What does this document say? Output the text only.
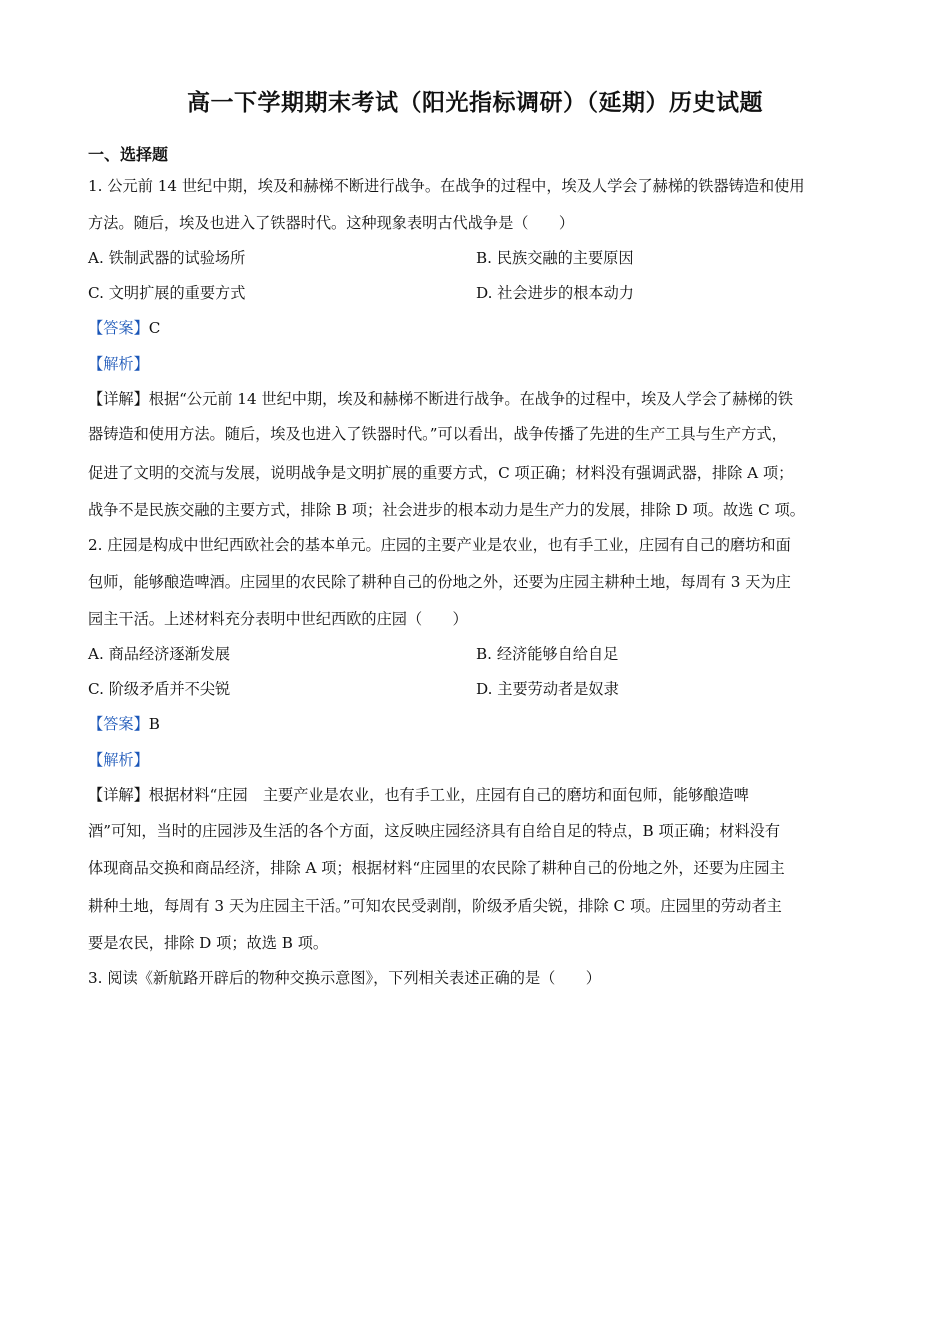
高一下学期期末考试（阳光指标调研）（延期）历史试题
一、选择题
1. 公元前 14 世纪中期，埃及和赫梯不断进行战争。在战争的过程中，埃及人学会了赫梯的铁器铸造和使用
方法。随后，埃及也进入了铁器时代。这种现象表明古代战争是（　　）
A. 铁制武器的试验场所	B. 民族交融的主要原因
C. 文明扩展的重要方式	D. 社会进步的根本动力
【答案】C
【解析】
【详解】根据“公元前 14 世纪中期，埃及和赫梯不断进行战争。在战争的过程中，埃及人学会了赫梯的铁
器铸造和使用方法。随后，埃及也进入了铁器时代。”可以看出，战争传播了先进的生产工具与生产方式，
促进了文明的交流与发展，说明战争是文明扩展的重要方式，C 项正确；材料没有强调武器，排除 A 项；
战争不是民族交融的主要方式，排除 B 项；社会进步的根本动力是生产力的发展，排除 D 项。故选 C 项。
2. 庄园是构成中世纪西欧社会的基本单元。庄园的主要产业是农业，也有手工业，庄园有自己的磨坊和面
包师，能够酿造啤酒。庄园里的农民除了耕种自己的份地之外，还要为庄园主耕种土地，每周有 3 天为庄
园主干活。上述材料充分表明中世纪西欧的庄园（　　）
A. 商品经济逐渐发展	B. 经济能够自给自足
C. 阶级矛盾并不尖锐	D. 主要劳动者是奴隶
【答案】B
【解析】
【详解】根据材料“庄园　主要产业是农业，也有手工业，庄园有自己的磨坊和面包师，能够酿造啤
酒”可知，当时的庄园涉及生活的各个方面，这反映庄园经济具有自给自足的特点，B 项正确；材料没有
体现商品交换和商品经济，排除 A 项；根据材料“庄园里的农民除了耕种自己的份地之外，还要为庄园主
耕种土地，每周有 3 天为庄园主干活。”可知农民受剥削，阶级矛盾尖锐，排除 C 项。庄园里的劳动者主
要是农民，排除 D 项；故选 B 项。
3. 阅读《新航路开辟后的物种交换示意图》，下列相关表述正确的是（　　）
